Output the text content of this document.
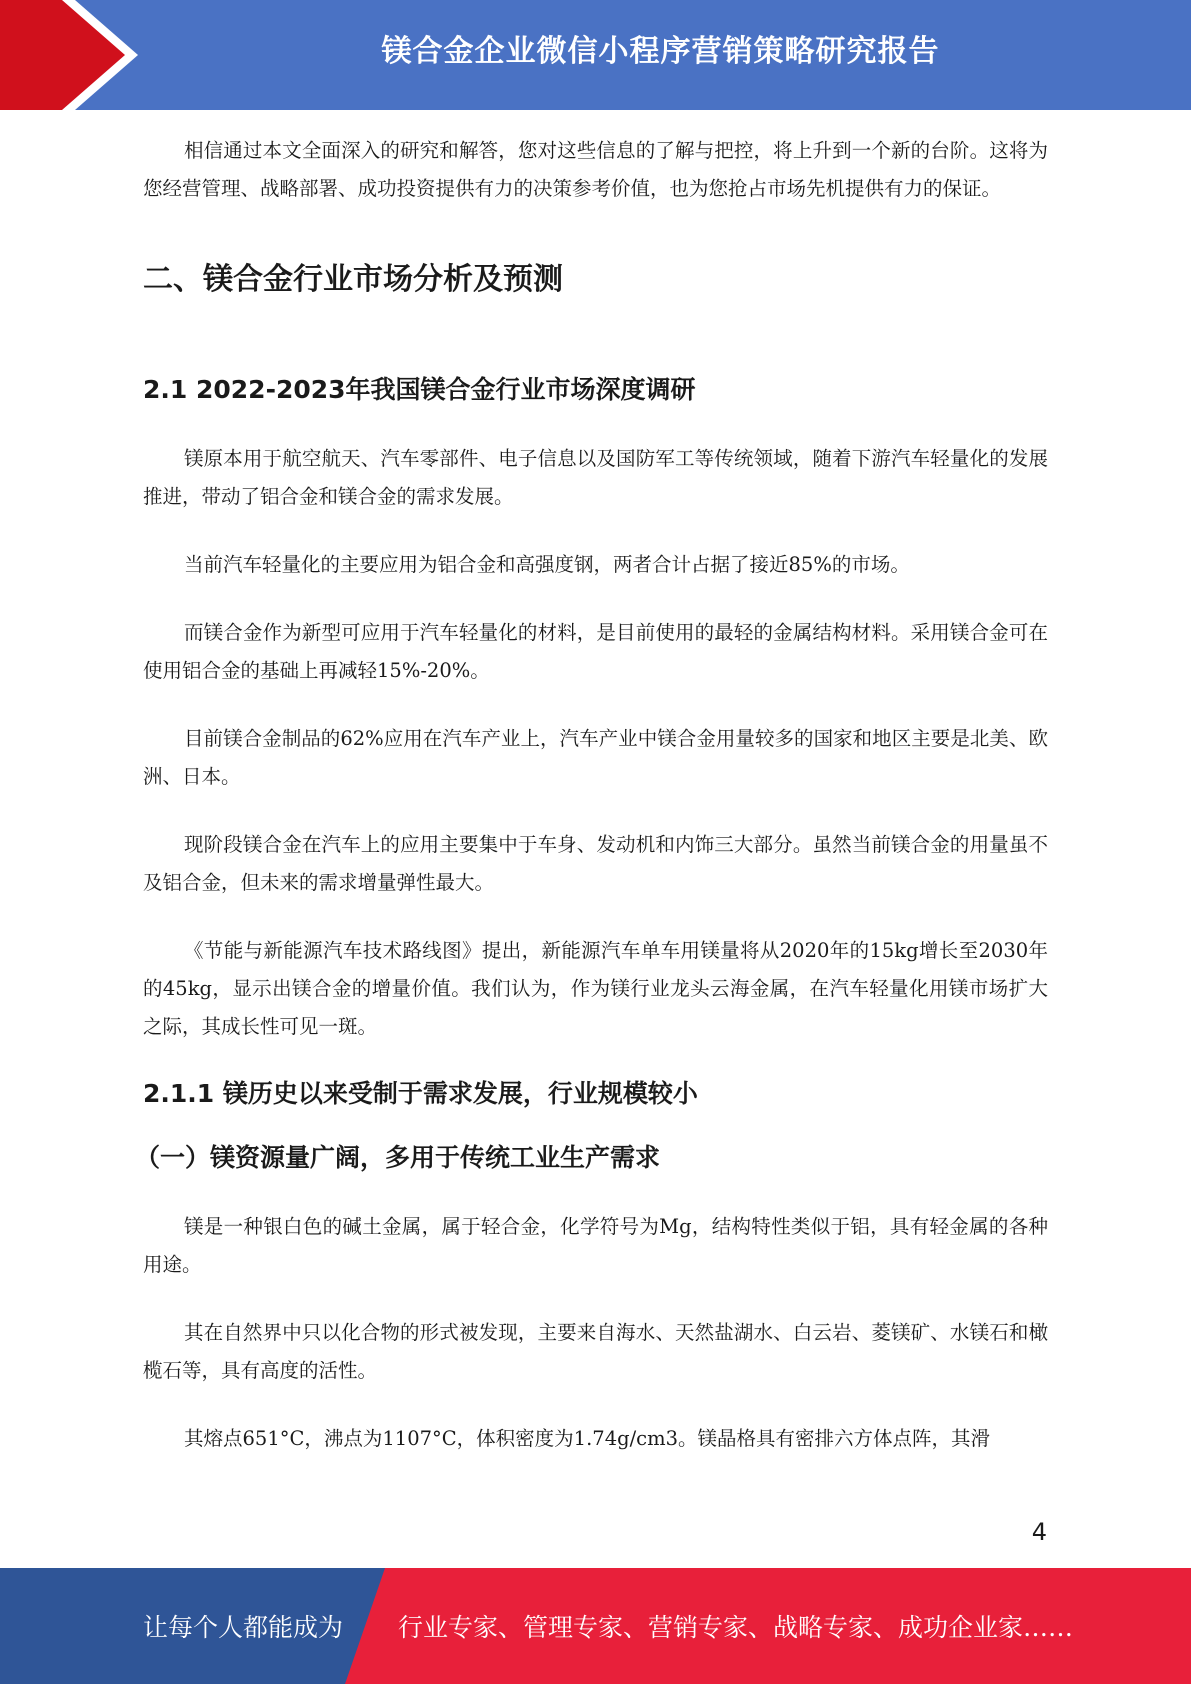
镁合金企业微信小程序营销策略研究报告

相信通过本文全面深入的研究和解答，您对这些信息的了解与把控，将上升到一个新的台阶。这将为您经营管理、战略部署、成功投资提供有力的决策参考价值，也为您抢占市场先机提供有力的保证。

二、镁合金行业市场分析及预测
2.1 2022-2023年我国镁合金行业市场深度调研

镁原本用于航空航天、汽车零部件、电子信息以及国防军工等传统领域，随着下游汽车轻量化的发展推进，带动了铝合金和镁合金的需求发展。

当前汽车轻量化的主要应用为铝合金和高强度钢，两者合计占据了接近85%的市场。

而镁合金作为新型可应用于汽车轻量化的材料，是目前使用的最轻的金属结构材料。采用镁合金可在使用铝合金的基础上再减轻15%-20%。

目前镁合金制品的62%应用在汽车产业上，汽车产业中镁合金用量较多的国家和地区主要是北美、欧洲、日本。

现阶段镁合金在汽车上的应用主要集中于车身、发动机和内饰三大部分。虽然当前镁合金的用量虽不及铝合金，但未来的需求增量弹性最大。

《节能与新能源汽车技术路线图》提出，新能源汽车单车用镁量将从2020年的15kg增长至2030年的45kg，显示出镁合金的增量价值。我们认为，作为镁行业龙头云海金属，在汽车轻量化用镁市场扩大之际，其成长性可见一斑。

2.1.1 镁历史以来受制于需求发展，行业规模较小
（一）镁资源量广阔，多用于传统工业生产需求

镁是一种银白色的碱土金属，属于轻合金，化学符号为Mg，结构特性类似于铝，具有轻金属的各种用途。

其在自然界中只以化合物的形式被发现，主要来自海水、天然盐湖水、白云岩、菱镁矿、水镁石和橄榄石等，具有高度的活性。

其熔点651°C，沸点为1107°C，体积密度为1.74g/cm3。镁晶格具有密排六方体点阵，其滑

4
让每个人都能成为 行业专家、管理专家、营销专家、战略专家、成功企业家……
